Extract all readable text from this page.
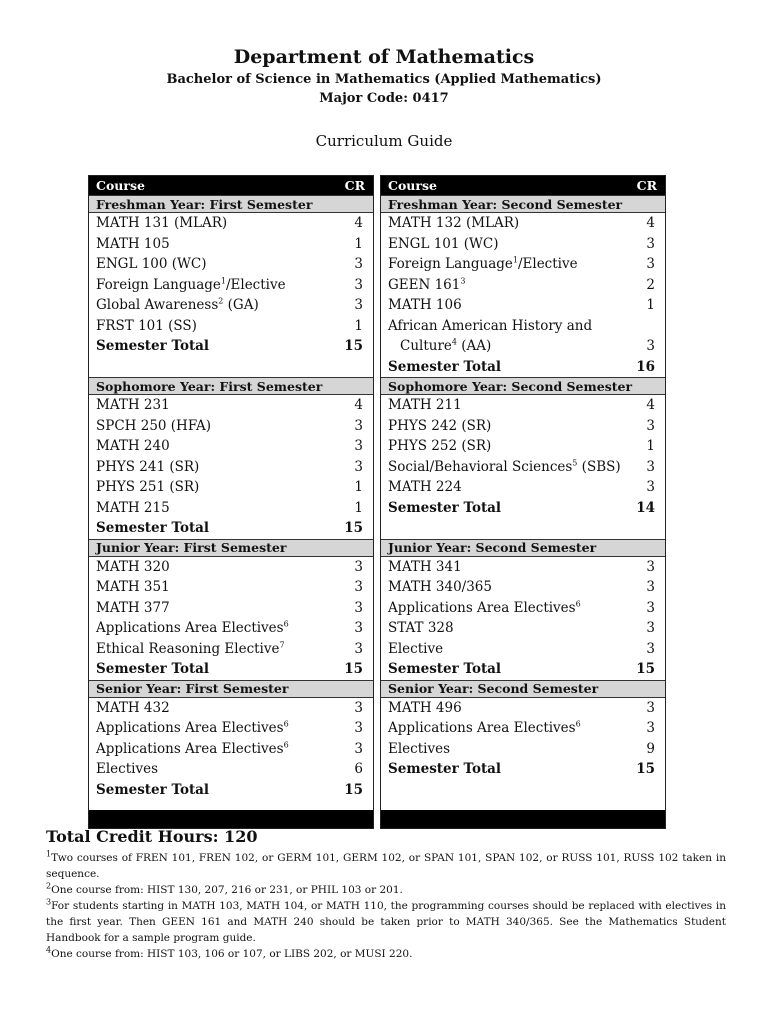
Department of Mathematics
Bachelor of Science in Mathematics (Applied Mathematics)
Major Code: 0417
Curriculum Guide
Course	CR
Freshman Year: First Semester
MATH 131 (MLAR)	4
MATH 105	1
ENGL 100 (WC)	3
Foreign Language$^1$/Elective	3
Global Awareness$^2$ (GA)	3
FRST 101 (SS)	1
Semester Total	15
Sophomore Year: First Semester
MATH 231	4
SPCH 250 (HFA)	3
MATH 240	3
PHYS 241 (SR)	3
PHYS 251 (SR)	1
MATH 215	1
Semester Total	15
Junior Year: First Semester
MATH 320	3
MATH 351	3
MATH 377	3
Applications Area Electives$^6$	3
Ethical Reasoning Elective$^7$	3
Semester Total	15
Senior Year: First Semester
MATH 432	3
Applications Area Electives$^6$	3
Applications Area Electives$^6$	3
Electives	6
Semester Total	15
Course	CR
Freshman Year: Second Semester
MATH 132 (MLAR)	4
ENGL 101 (WC)	3
Foreign Language$^1$/Elective	3
GEEN $161^3$	2
MATH 106	1
African American History and
Culture$^4$ (AA)	3
Semester Total	16
Sophomore Year: Second Semester
MATH 211	4
PHYS 242 (SR)	3
PHYS 252 (SR)	1
Social/Behavioral Sciences$^5$ (SBS) 3
MATH 224	3
Semester Total	14
Junior Year: Second Semester
MATH 341	3
MATH 340/365	3
Applications Area Electives$^6$	3
STAT 328	3
Elective	3
Semester Total	15
Senior Year: Second Semester
MATH 496	3
Applications Area Electives$^6$	3
Electives	9
Semester Total	15
Total Credit Hours: 120

$^1$Two courses of FREN 101, FREN 102, or GERM 101, GERM 102, or SPAN 101, SPAN 102, or RUSS 101, RUSS 102 taken in sequence.

$^2$One course from: HIST 130, 207, 216 or 231, or PHIL 103 or 201.

$^3$For students starting in MATH 103, MATH 104, or MATH 110, the programming courses should be replaced with electives in the first year. Then GEEN 161 and MATH 240 should be taken prior to MATH 340/365. See the Mathematics Student Handbook for a sample program guide.

$^4$One course from: HIST 103, 106 or 107, or LIBS 202, or MUSI 220.
